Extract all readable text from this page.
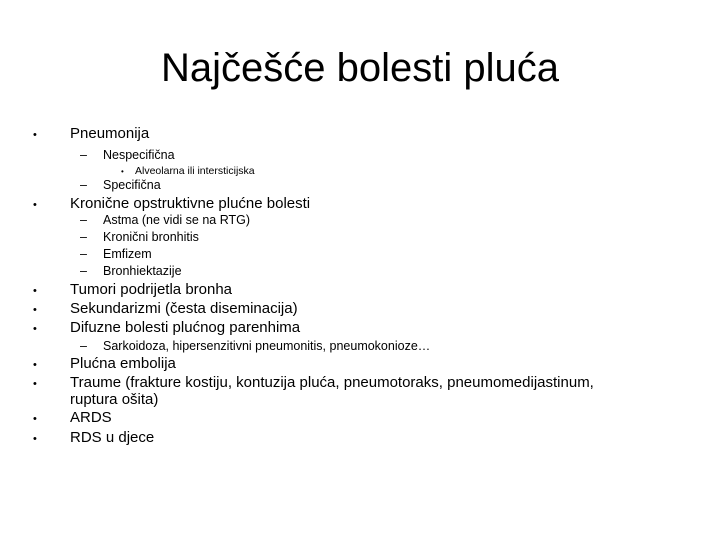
Najčešće bolesti pluća
• Pneumonija
– Nespecifična
• Alveolarna ili intersticijska
– Specifična
• Kronične opstruktivne plućne bolesti
– Astma (ne vidi se na RTG)
– Kronični bronhitis
– Emfizem
– Bronhiektazije
• Tumori podrijetla bronha
• Sekundarizmi (česta diseminacija)
• Difuzne bolesti plućnog parenhima
– Sarkoidoza, hipersenzitivni pneumonitis, pneumokonioze…
• Plućna embolija
• Traume (frakture kostiju, kontuzija pluća, pneumotoraks, pneumomedijastinum,
ruptura ošita)
• ARDS
• RDS u djece
